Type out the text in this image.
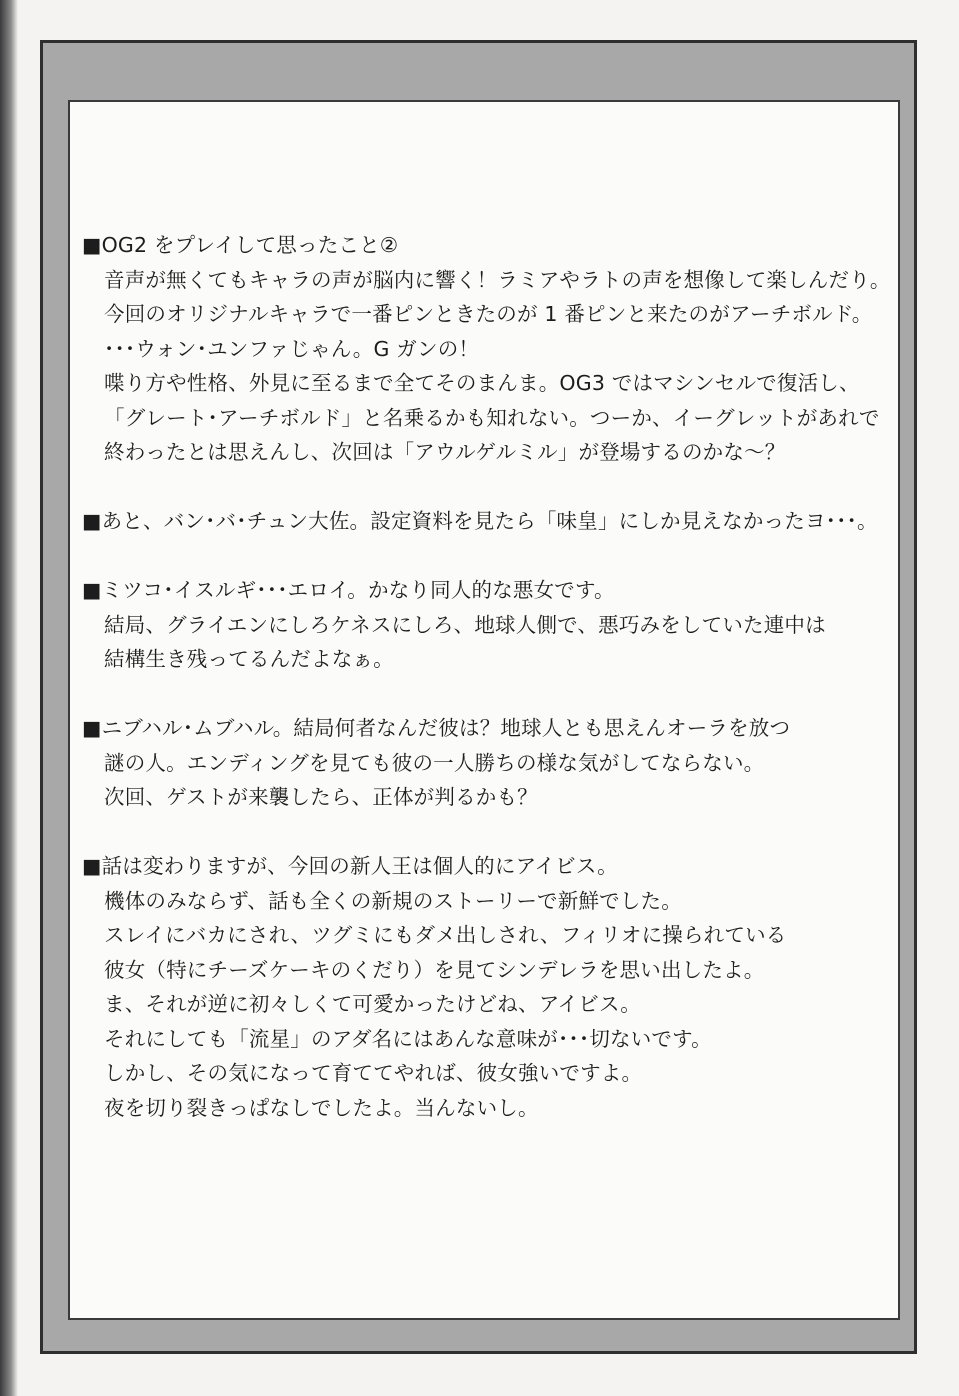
■OG2 をプレイして思ったこと②
音声が無くてもキャラの声が脳内に響く！ラミアやラトの声を想像して楽しんだり。
今回のオリジナルキャラで一番ピンときたのが 1 番ピンと来たのがアーチボルド。
･･･ウォン･ユンファじゃん。G ガンの！
喋り方や性格、外見に至るまで全てそのまんま。OG3 ではマシンセルで復活し、
「グレート･アーチボルド」と名乗るかも知れない。つーか、イーグレットがあれで
終わったとは思えんし、次回は「アウルゲルミル」が登場するのかな～？
■あと、バン･バ･チュン大佐。設定資料を見たら「味皇」にしか見えなかったヨ･･･。
■ミツコ･イスルギ･･･エロイ。かなり同人的な悪女です。
結局、グライエンにしろケネスにしろ、地球人側で、悪巧みをしていた連中は
結構生き残ってるんだよなぁ。
■ニブハル･ムブハル。結局何者なんだ彼は？地球人とも思えんオーラを放つ
謎の人。エンディングを見ても彼の一人勝ちの様な気がしてならない。
次回、ゲストが来襲したら、正体が判るかも？
■話は変わりますが、今回の新人王は個人的にアイビス。
機体のみならず、話も全くの新規のストーリーで新鮮でした。
スレイにバカにされ、ツグミにもダメ出しされ、フィリオに操られている
彼女（特にチーズケーキのくだり）を見てシンデレラを思い出したよ。
ま、それが逆に初々しくて可愛かったけどね、アイビス。
それにしても「流星」のアダ名にはあんな意味が･･･切ないです。
しかし、その気になって育ててやれば、彼女強いですよ。
夜を切り裂きっぱなしでしたよ。当んないし。
